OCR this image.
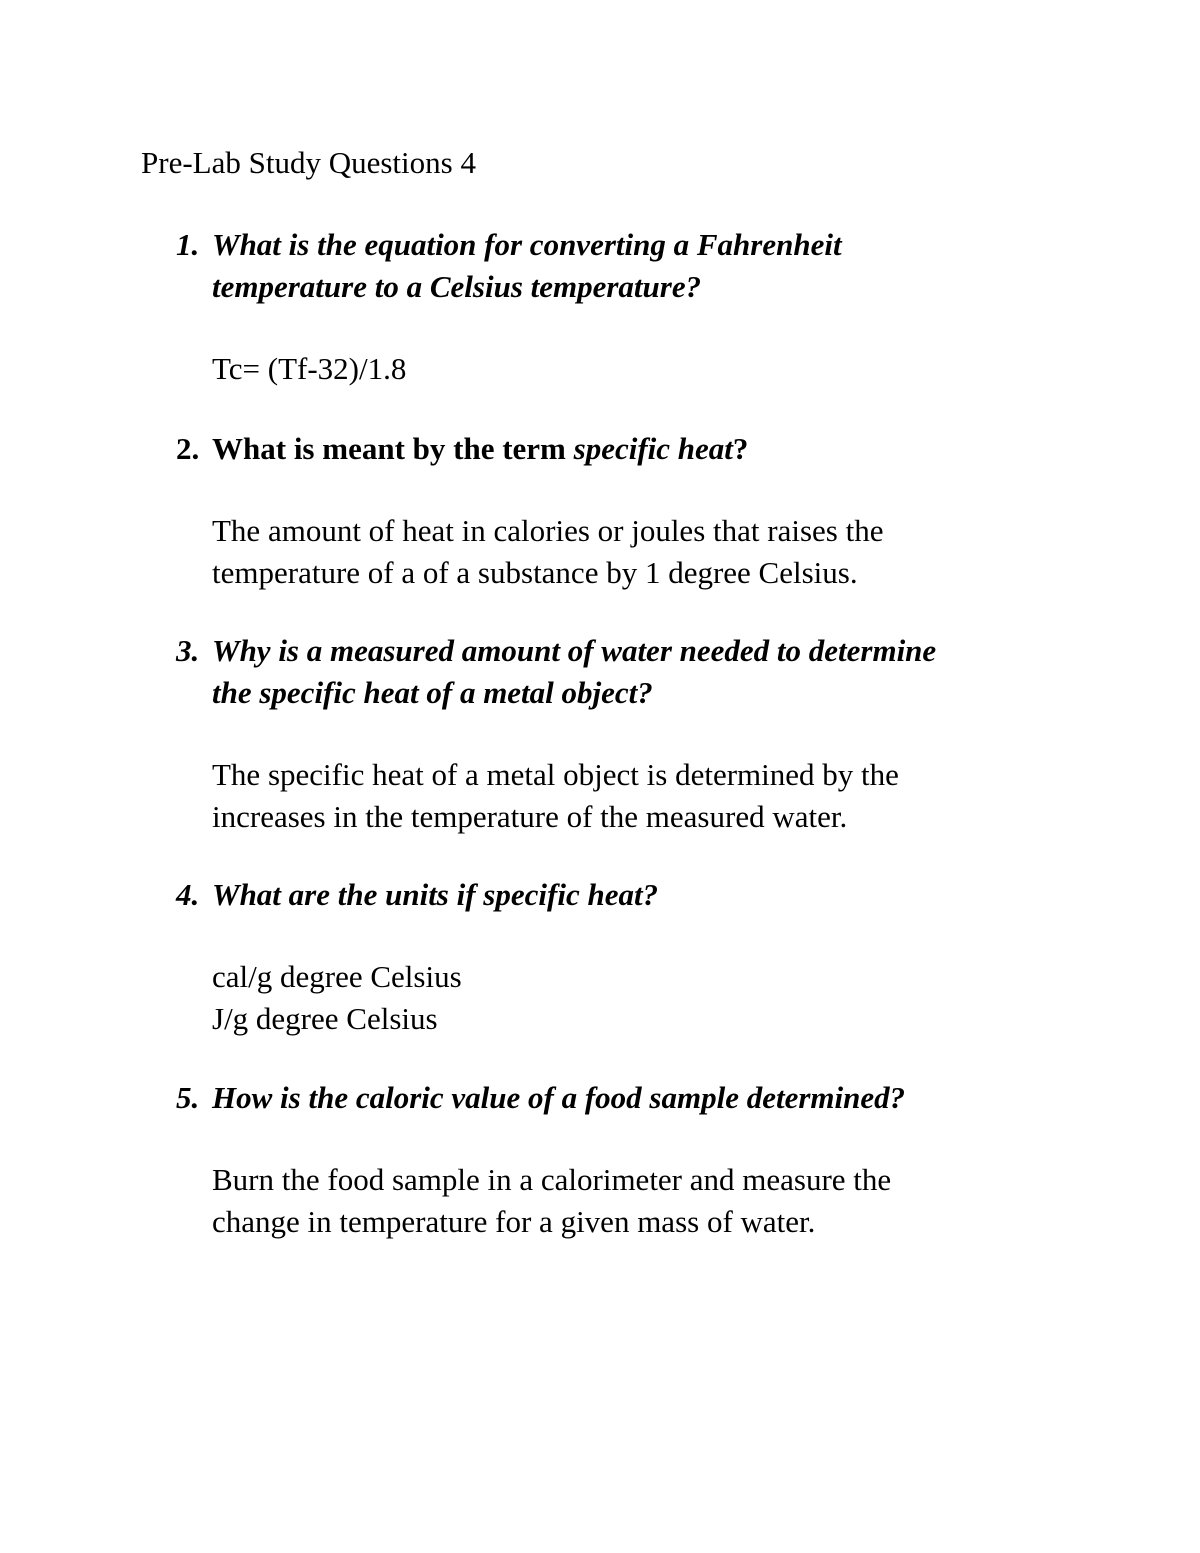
Pre-Lab Study Questions 4
1. What is the equation for converting a Fahrenheit
temperature to a Celsius temperature?
Tc= (Tf-32)/1.8
2. What is meant by the term specific heat?
The amount of heat in calories or joules that raises the
temperature of a of a substance by 1 degree Celsius.
3. Why is a measured amount of water needed to determine
the specific heat of a metal object?
The specific heat of a metal object is determined by the
increases in the temperature of the measured water.
4. What are the units if specific heat?
cal/g degree Celsius
J/g degree Celsius
5. How is the caloric value of a food sample determined?
Burn the food sample in a calorimeter and measure the
change in temperature for a given mass of water.
